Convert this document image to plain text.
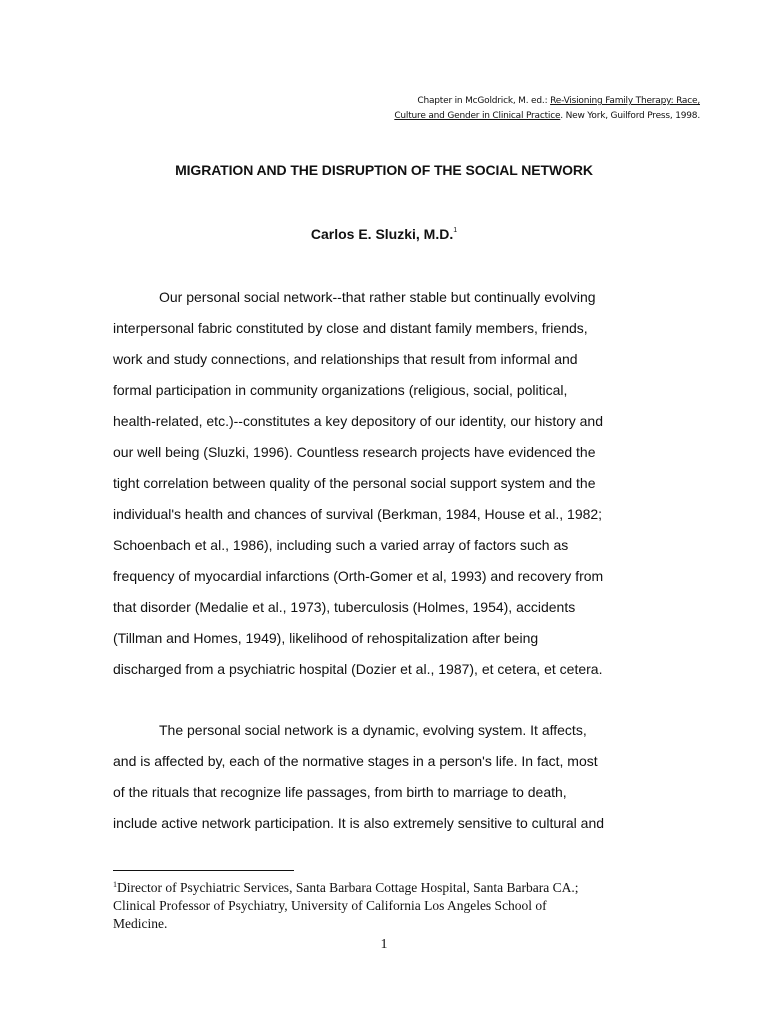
Chapter in McGoldrick, M. ed.: Re-Visioning Family Therapy: Race,
Culture and Gender in Clinical Practice. New York, Guilford Press, 1998.
MIGRATION AND THE DISRUPTION OF THE SOCIAL NETWORK
Carlos E. Sluzki, M.D.$^1$
Our personal social network--that rather stable but continually evolving
interpersonal fabric constituted by close and distant family members, friends,
work and study connections, and relationships that result from informal and
formal participation in community organizations (religious, social, political,
health-related, etc.)--constitutes a key depository of our identity, our history and
our well being (Sluzki, 1996). Countless research projects have evidenced the
tight correlation between quality of the personal social support system and the
individual's health and chances of survival (Berkman, 1984, House et al., 1982;
Schoenbach et al., 1986), including such a varied array of factors such as
frequency of myocardial infarctions (Orth-Gomer et al, 1993) and recovery from
that disorder (Medalie et al., 1973), tuberculosis (Holmes, 1954), accidents
(Tillman and Homes, 1949), likelihood of rehospitalization after being
discharged from a psychiatric hospital (Dozier et al., 1987), et cetera, et cetera.
The personal social network is a dynamic, evolving system. It affects,
and is affected by, each of the normative stages in a person's life. In fact, most
of the rituals that recognize life passages, from birth to marriage to death,
include active network participation. It is also extremely sensitive to cultural and
$^1$Director of Psychiatric Services, Santa Barbara Cottage Hospital, Santa Barbara CA.;
Clinical Professor of Psychiatry, University of California Los Angeles School of
Medicine.
1
